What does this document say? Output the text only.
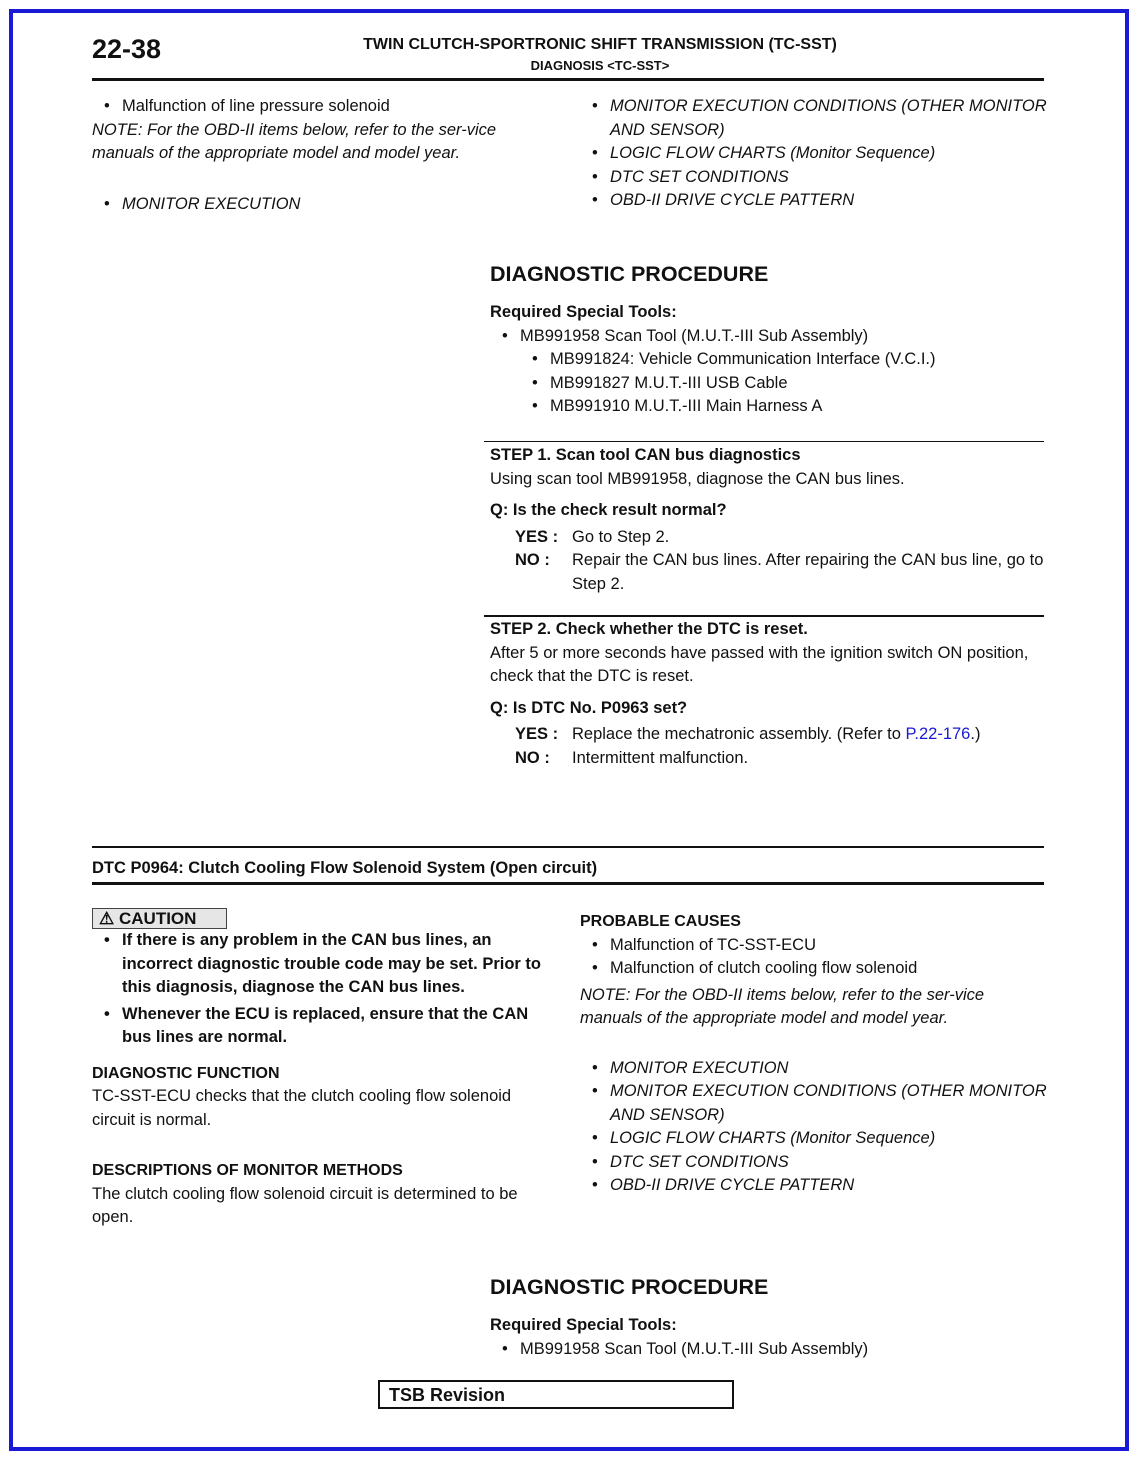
22-38	TWIN CLUTCH-SPORTRONIC SHIFT TRANSMISSION (TC-SST)
DIAGNOSIS <TC-SST>
• Malfunction of line pressure solenoid
NOTE: For the OBD-II items below, refer to the ser-vice manuals of the appropriate model and model year.
• MONITOR EXECUTION
• MONITOR EXECUTION CONDITIONS (OTHER MONITOR AND SENSOR)
• LOGIC FLOW CHARTS (Monitor Sequence)
• DTC SET CONDITIONS
• OBD-II DRIVE CYCLE PATTERN
DIAGNOSTIC PROCEDURE
Required Special Tools:
• MB991958 Scan Tool (M.U.T.-III Sub Assembly)
• MB991824: Vehicle Communication Interface (V.C.I.)
• MB991827 M.U.T.-III USB Cable
• MB991910 M.U.T.-III Main Harness A
STEP 1. Scan tool CAN bus diagnostics
Using scan tool MB991958, diagnose the CAN bus lines.
Q: Is the check result normal?
YES : Go to Step 2.
NO : Repair the CAN bus lines. After repairing the CAN bus line, go to Step 2.
STEP 2. Check whether the DTC is reset.
After 5 or more seconds have passed with the ignition switch ON position, check that the DTC is reset.
Q: Is DTC No. P0963 set?
YES : Replace the mechatronic assembly. (Refer to P.22-176.)
NO : Intermittent malfunction.
DTC P0964: Clutch Cooling Flow Solenoid System (Open circuit)
⚠ CAUTION
• If there is any problem in the CAN bus lines, an incorrect diagnostic trouble code may be set. Prior to this diagnosis, diagnose the CAN bus lines.
• Whenever the ECU is replaced, ensure that the CAN bus lines are normal.
DIAGNOSTIC FUNCTION
TC-SST-ECU checks that the clutch cooling flow solenoid circuit is normal.
DESCRIPTIONS OF MONITOR METHODS
The clutch cooling flow solenoid circuit is determined to be open.
PROBABLE CAUSES
• Malfunction of TC-SST-ECU
• Malfunction of clutch cooling flow solenoid
NOTE: For the OBD-II items below, refer to the ser-vice manuals of the appropriate model and model year.
• MONITOR EXECUTION
• MONITOR EXECUTION CONDITIONS (OTHER MONITOR AND SENSOR)
• LOGIC FLOW CHARTS (Monitor Sequence)
• DTC SET CONDITIONS
• OBD-II DRIVE CYCLE PATTERN
DIAGNOSTIC PROCEDURE
Required Special Tools:
• MB991958 Scan Tool (M.U.T.-III Sub Assembly)
TSB Revision
